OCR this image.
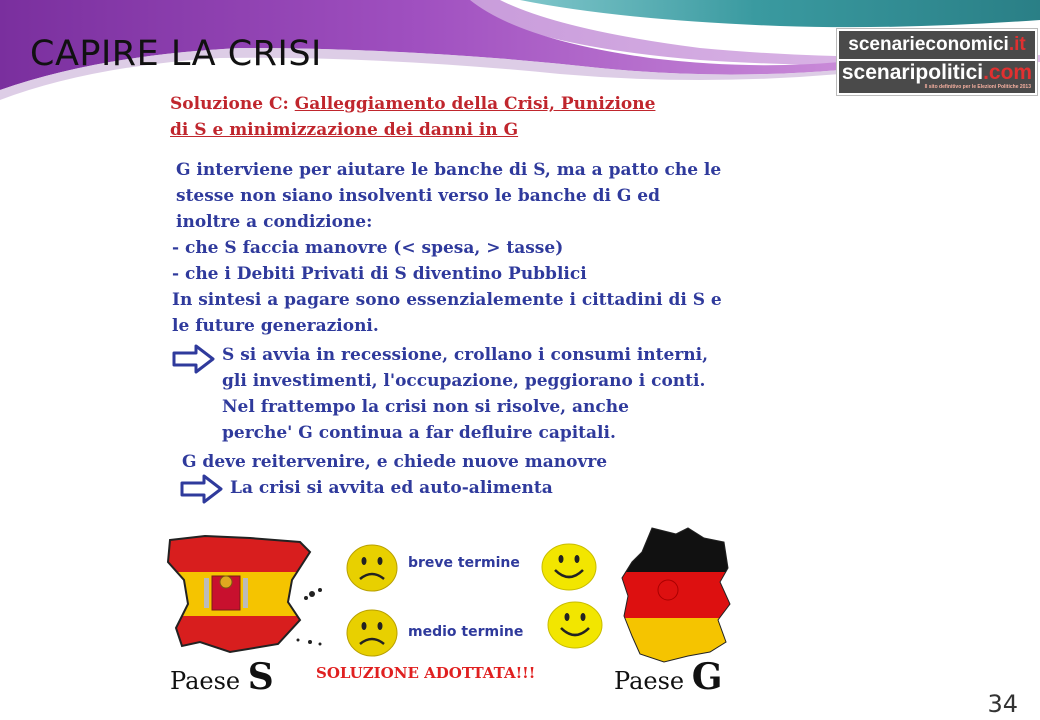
CAPIRE LA CRISI	scenarieconomici.it
scenaripolitici.com
Il sito definitivo per le Elezioni Politiche 2013
Soluzione C: Galleggiamento della Crisi, Punizione
di S e minimizzazione dei danni in G
G interviene per aiutare le banche di S, ma a patto che le
stesse non siano insolventi verso le banche di G ed
inoltre a condizione:
- che S faccia manovre (< spesa, > tasse)
- che i Debiti Privati di S diventino Pubblici
In sintesi a pagare sono essenzialemente i cittadini di S e
le future generazioni.
S si avvia in recessione, crollano i consumi interni,
gli investimenti, l'occupazione, peggiorano i conti.
Nel frattempo la crisi non si risolve, anche
perche' G continua a far defluire capitali.
G deve reitervenire, e chiede nuove manovre
La crisi si avvita ed auto-alimenta
Paese S
breve termine
medio termine
Paese G
SOLUZIONE ADOTTATA!!!
34
